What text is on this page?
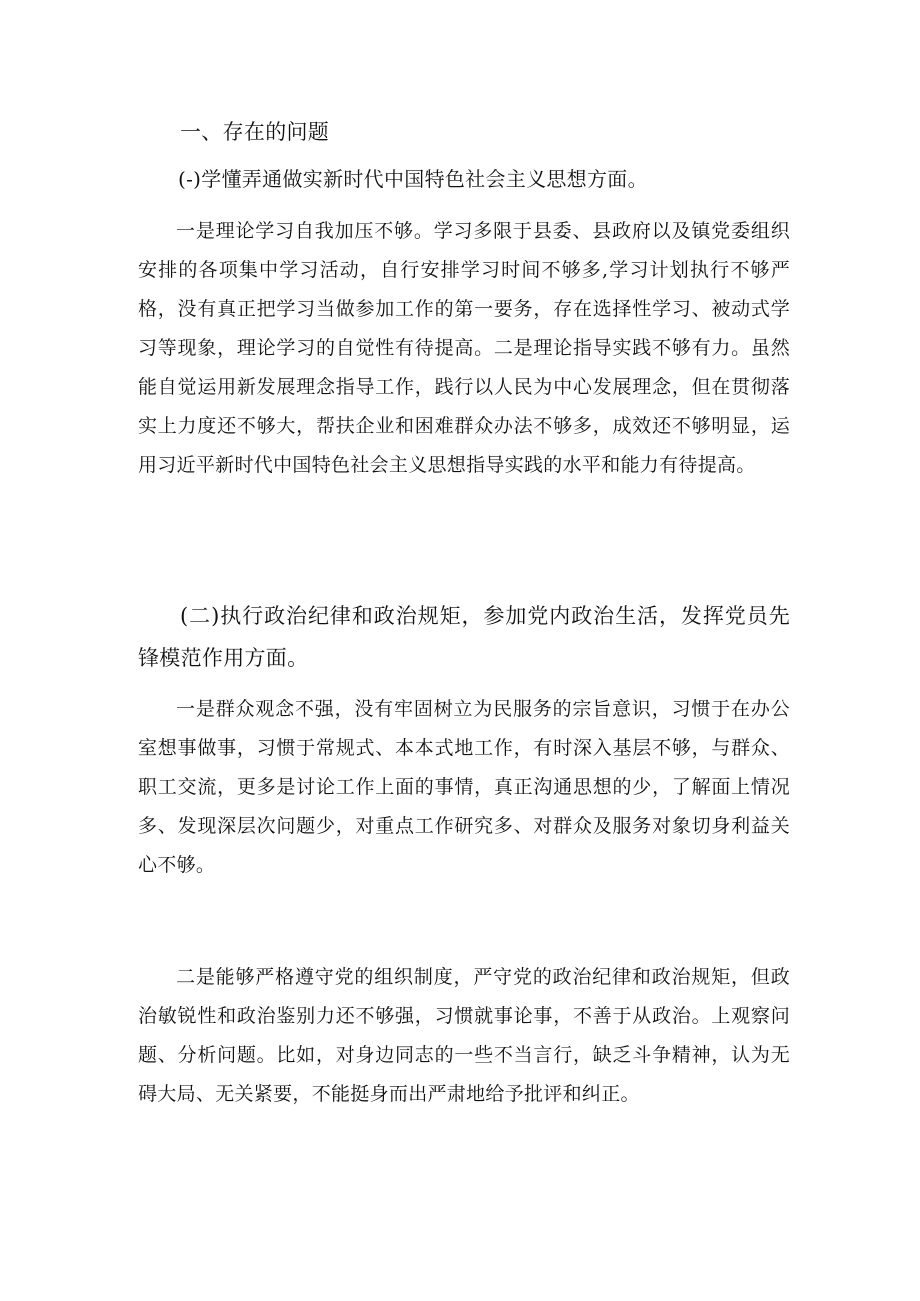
一、存在的问题

(-)学懂弄通做实新时代中国特色社会主义思想方面。

一是理论学习自我加压不够。学习多限于县委、县政府以及镇党委组织安排的各项集中学习活动，自行安排学习时间不够多,学习计划执行不够严格，没有真正把学习当做参加工作的第一要务，存在选择性学习、被动式学习等现象，理论学习的自觉性有待提高。二是理论指导实践不够有力。虽然能自觉运用新发展理念指导工作，践行以人民为中心发展理念，但在贯彻落实上力度还不够大，帮扶企业和困难群众办法不够多，成效还不够明显，运用习近平新时代中国特色社会主义思想指导实践的水平和能力有待提高。

(二)执行政治纪律和政治规矩，参加党内政治生活，发挥党员先锋模范作用方面。

一是群众观念不强，没有牢固树立为民服务的宗旨意识，习惯于在办公室想事做事，习惯于常规式、本本式地工作，有时深入基层不够，与群众、职工交流，更多是讨论工作上面的事情，真正沟通思想的少，了解面上情况多、发现深层次问题少，对重点工作研究多、对群众及服务对象切身利益关心不够。

二是能够严格遵守党的组织制度，严守党的政治纪律和政治规矩，但政治敏锐性和政治鉴别力还不够强，习惯就事论事，不善于从政治。上观察问题、分析问题。比如，对身边同志的一些不当言行，缺乏斗争精神，认为无碍大局、无关紧要，不能挺身而出严肃地给予批评和纠正。
